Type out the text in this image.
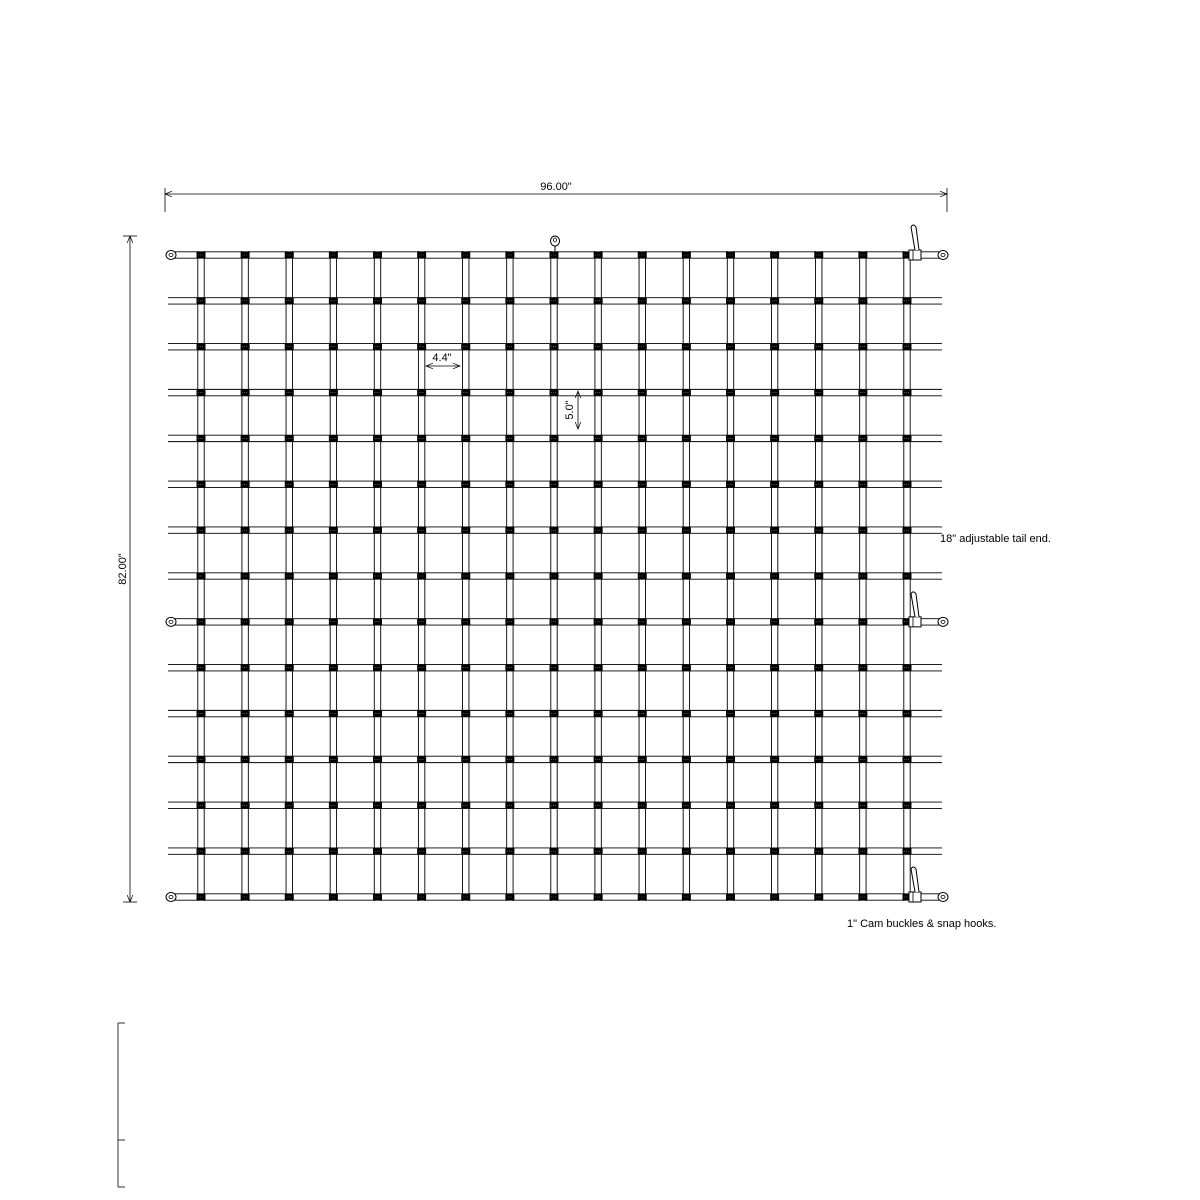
96.00"
82.00"
4.4"
5.0"
18" adjustable tail end.
1" Cam buckles & snap hooks.
